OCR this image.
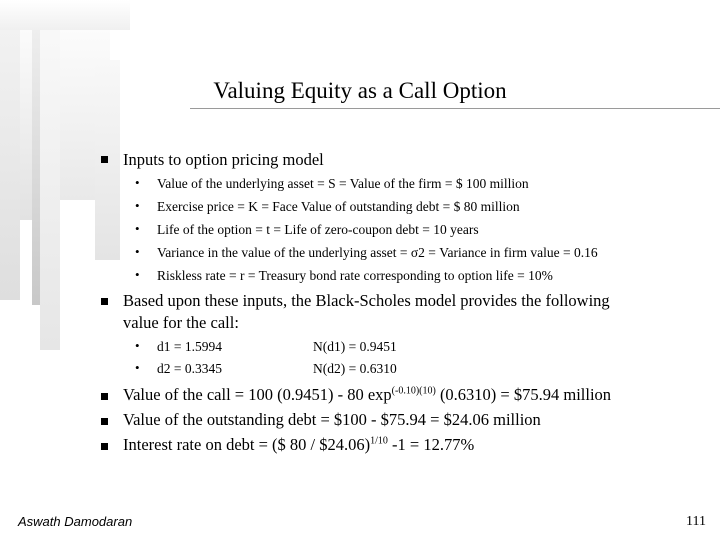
Valuing Equity as a Call Option
Inputs to option pricing model
• Value of the underlying asset = S = Value of the firm = $ 100 million
• Exercise price = K = Face Value of outstanding debt = $ 80 million
• Life of the option = t = Life of zero-coupon debt = 10 years
• Variance in the value of the underlying asset = σ2 = Variance in firm value = 0.16
• Riskless rate = r = Treasury bond rate corresponding to option life = 10%
Based upon these inputs, the Black-Scholes model provides the following
value for the call:
• d1 = 1.5994	N(d1) = 0.9451
• d2 = 0.3345	N(d2) = 0.6310
Value of the call = 100 (0.9451) - 80 $\exp^{(-0.10)(10)} (0.6310)$ = $75.94 million
Value of the outstanding debt = $100 - $75.94 = $24.06 million
Interest rate on debt = ($ 80 / $24.06)$^{1/10}$ -1 = 12.77%
Aswath Damodaran	111
